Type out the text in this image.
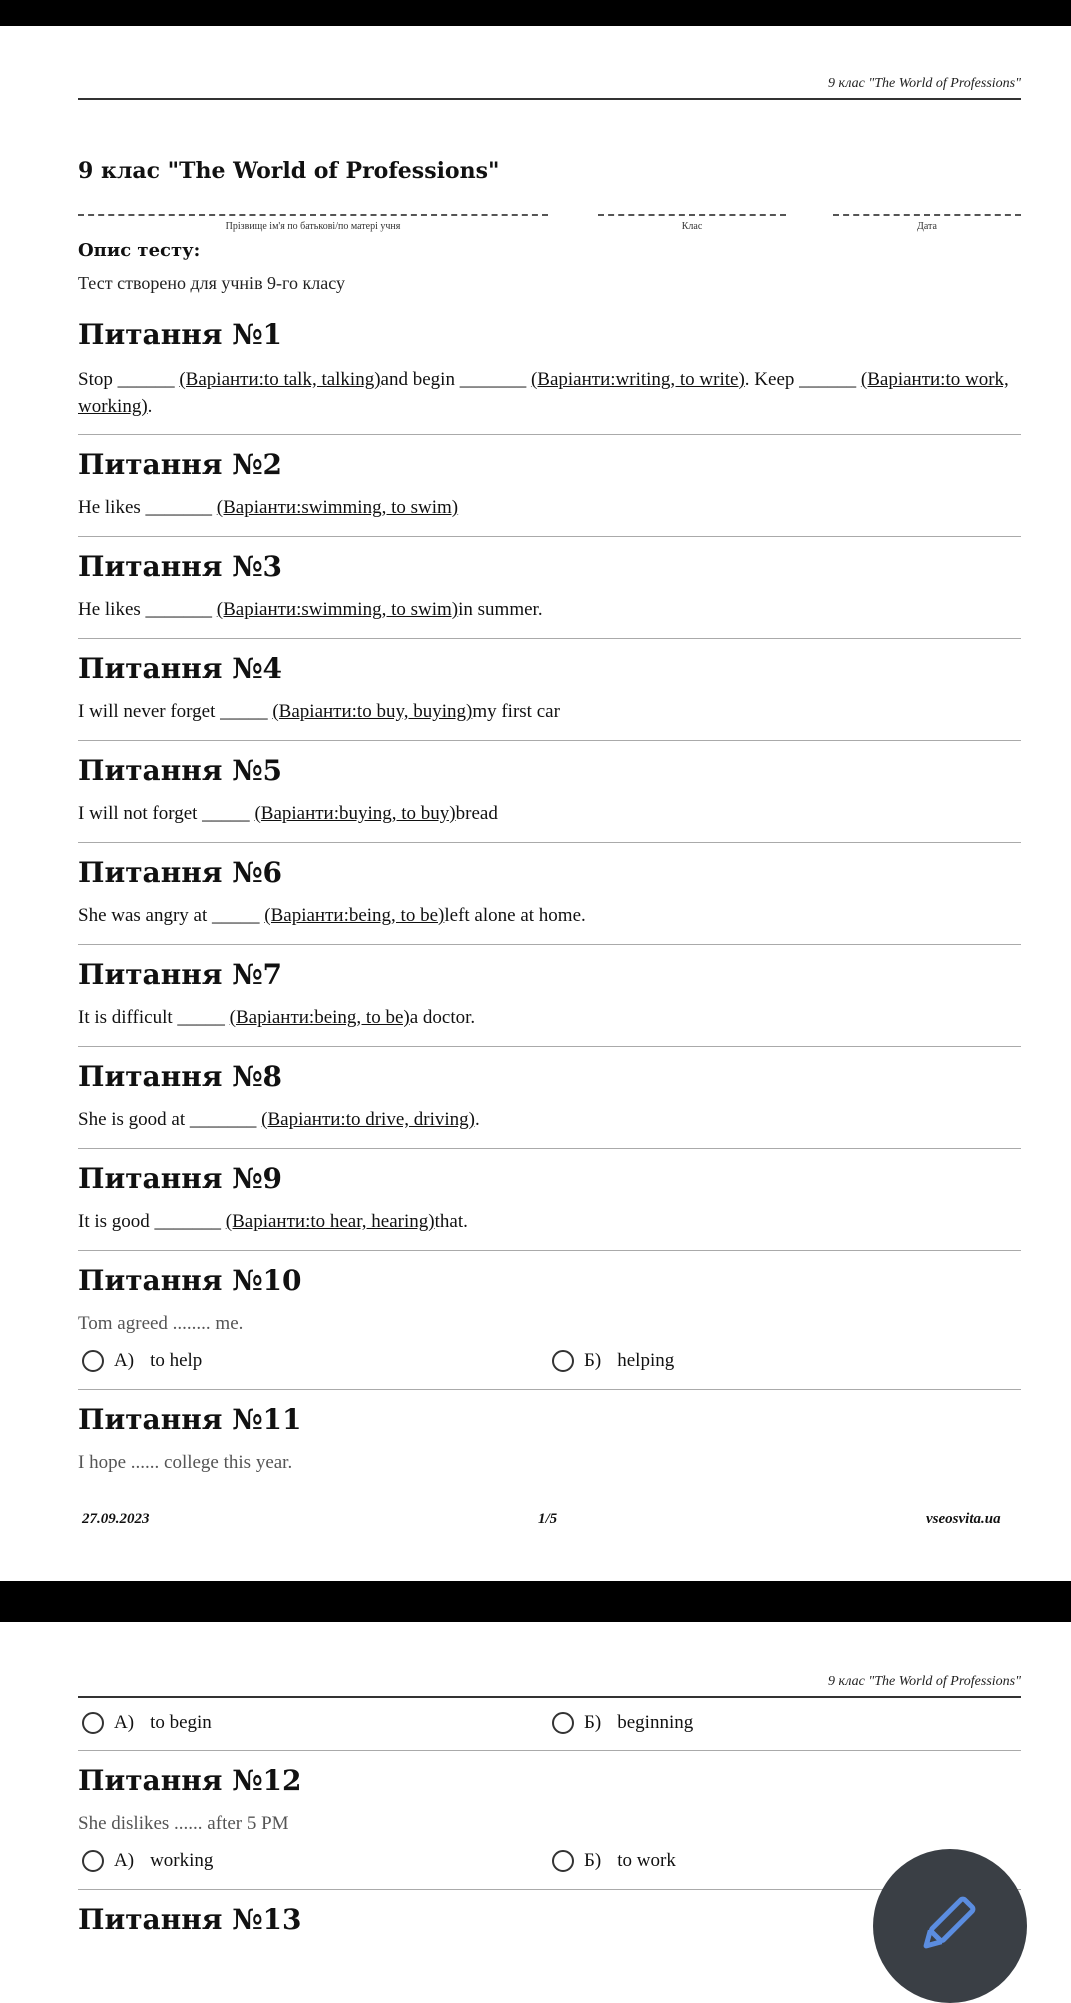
9 клас "The World of Professions"
9 клас "The World of Professions"
Прізвище ім'я по батькові/по матері учня	Клас	Дата
Опис тесту:
Тест створено для учнів 9-го класу
Питання №1
Stop ______ (Варіанти:to talk, talking)and begin _______ (Варіанти:writing, to write). Keep ______ (Варіанти:to work, working).
Питання №2
He likes _______ (Варіанти:swimming, to swim)
Питання №3
He likes _______ (Варіанти:swimming, to swim)in summer.
Питання №4
I will never forget _____ (Варіанти:to buy, buying)my first car
Питання №5
I will not forget _____ (Варіанти:buying, to buy)bread
Питання №6
She was angry at _____ (Варіанти:being, to be)left alone at home.
Питання №7
It is difficult _____ (Варіанти:being, to be)a doctor.
Питання №8
She is good at _______ (Варіанти:to drive, driving).
Питання №9
It is good _______ (Варіанти:to hear, hearing)that.
Питання №10
Tom agreed ........ me.
A) to help	Б) helping
Питання №11
I hope ...... college this year.
27.09.2023	1/5	vseosvita.ua
9 клас "The World of Professions"
A) to begin	Б) beginning
Питання №12
She dislikes ...... after 5 PM
A) working	Б) to work
Питання №13
